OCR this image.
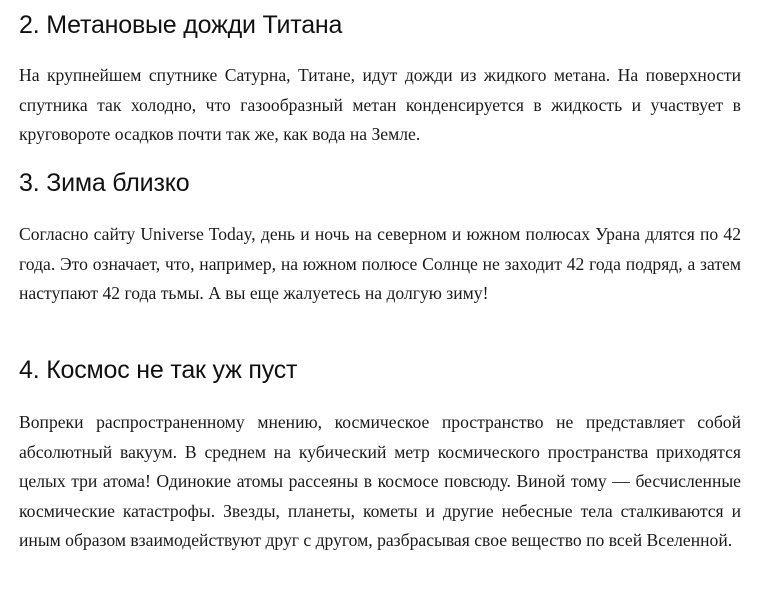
2. Метановые дожди Титана

На крупнейшем спутнике Сатурна, Титане, идут дожди из жидкого метана. На поверхности спутника так холодно, что газообразный метан конденсируется в жидкость и участвует в круговороте осадков почти так же, как вода на Земле.

3. Зима близко

Согласно сайту Universe Today, день и ночь на северном и южном полюсах Урана длятся по 42 года. Это означает, что, например, на южном полюсе Солнце не заходит 42 года подряд, а затем наступают 42 года тьмы. А вы еще жалуетесь на долгую зиму!

4. Космос не так уж пуст

Вопреки распространенному мнению, космическое пространство не представляет собой абсолютный вакуум. В среднем на кубический метр космического пространства приходятся целых три атома! Одинокие атомы рассеяны в космосе повсюду. Виной тому — бесчисленные космические катастрофы. Звезды, планеты, кометы и другие небесные тела сталкиваются и иным образом взаимодействуют друг с другом, разбрасывая свое вещество по всей Вселенной.
